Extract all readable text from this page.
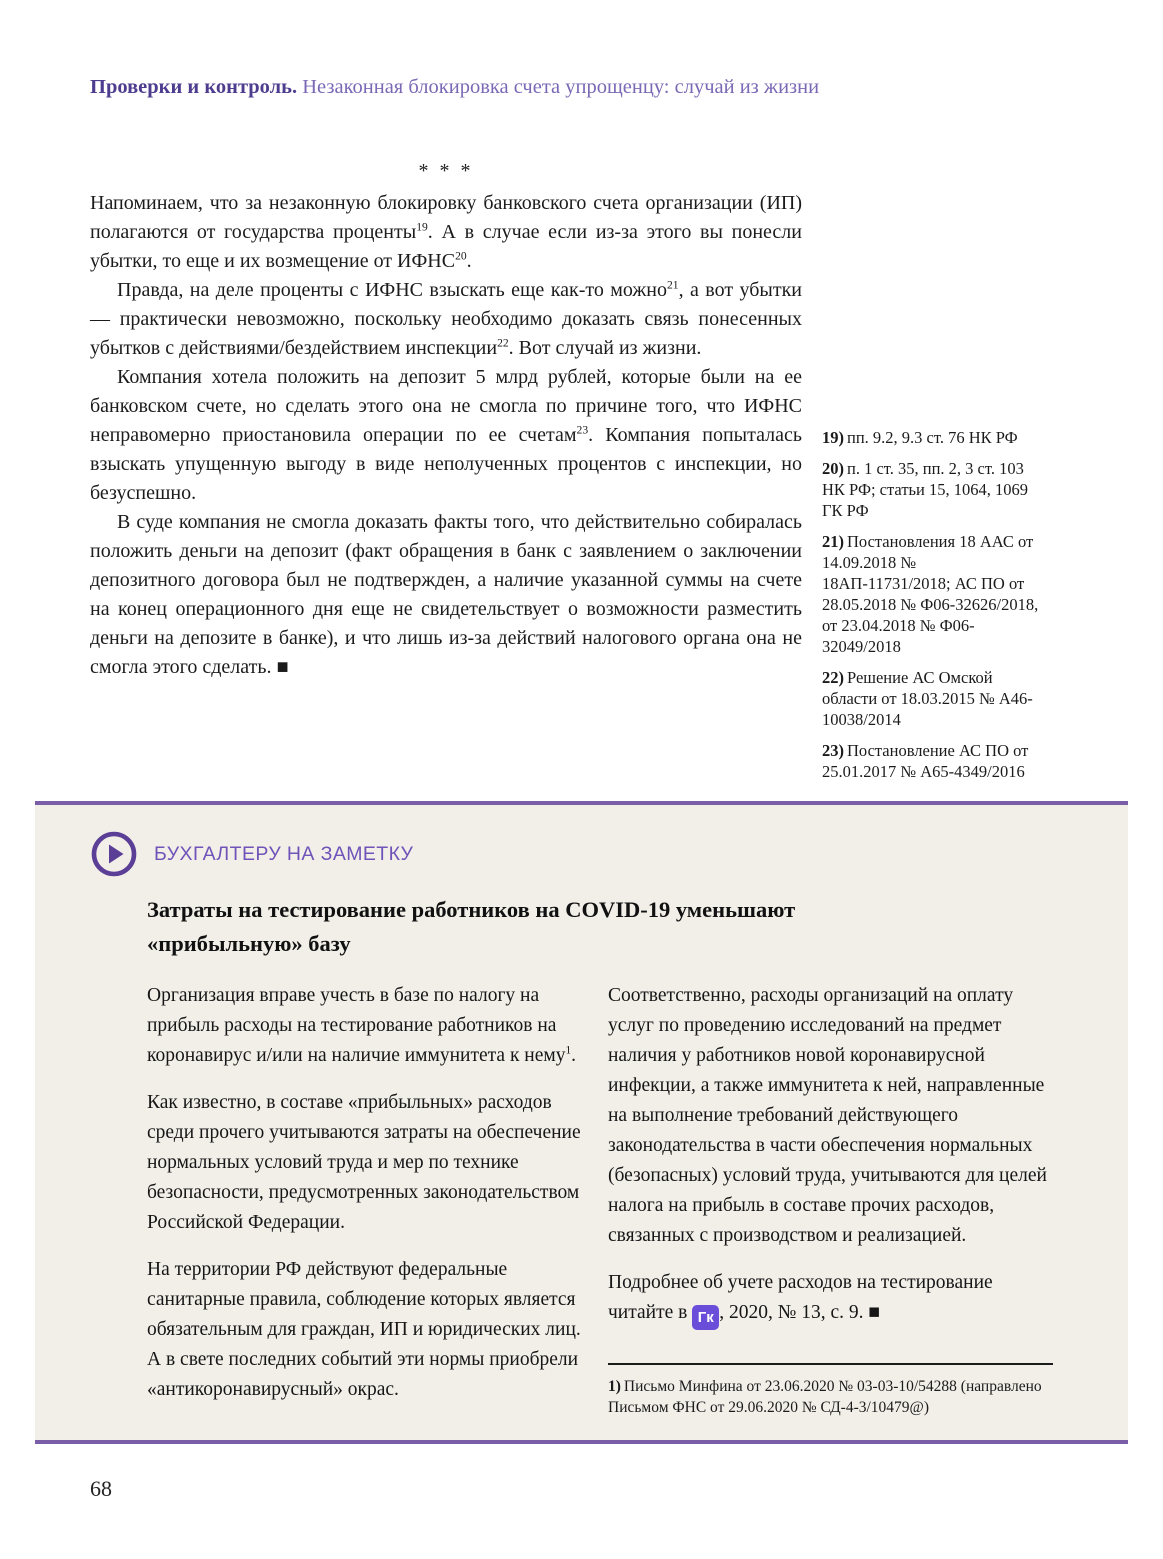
Проверки и контроль. Незаконная блокировка счета упрощенцу: случай из жизни

* * *

Напоминаем, что за незаконную блокировку банковского счета организации (ИП) полагаются от государства проценты$^{19}$. А в случае если из-за этого вы понесли убытки, то еще и их возмещение от ИФНС$^{20}$.

Правда, на деле проценты с ИФНС взыскать еще как-то можно$^{21}$, а вот убытки — практически невозможно, поскольку необходимо доказать связь понесенных убытков с действиями/бездействием инспекции$^{22}$. Вот случай из жизни.

Компания хотела положить на депозит 5 млрд рублей, которые были на ее банковском счете, но сделать этого она не смогла по причине того, что ИФНС неправомерно приостановила операции по ее счетам$^{23}$. Компания попыталась взыскать упущенную выгоду в виде неполученных процентов с инспекции, но безуспешно.

В суде компания не смогла доказать факты того, что действительно собиралась положить деньги на депозит (факт обращения в банк с заявлением о заключении депозитного договора был не подтвержден, а наличие указанной суммы на счете на конец операционного дня еще не свидетельствует о возможности разместить деньги на депозите в банке), и что лишь из-за действий налогового органа она не смогла этого сделать. ■

19) пп. 9.2, 9.3 ст. 76 НК РФ
20) п. 1 ст. 35, пп. 2, 3 ст. 103 НК РФ; статьи 15, 1064, 1069 ГК РФ
21) Постановления 18 ААС от 14.09.2018 № 18АП-11731/2018; АС ПО от 28.05.2018 № Ф06-32626/2018, от 23.04.2018 № Ф06-32049/2018
22) Решение АС Омской области от 18.03.2015 № А46-10038/2014
23) Постановление АС ПО от 25.01.2017 № А65-4349/2016
БУХГАЛТЕРУ НА ЗАМЕТКУ
Затраты на тестирование работников на COVID-19 уменьшают «прибыльную» базу

Организация вправе учесть в базе по налогу на прибыль расходы на тестирование работников на коронавирус и/или на наличие иммунитета к нему$^1$.

Как известно, в составе «прибыльных» расходов среди прочего учитываются затраты на обеспечение нормальных условий труда и мер по технике безопасности, предусмотренных законодательством Российской Федерации.

На территории РФ действуют федеральные санитарные правила, соблюдение которых является обязательным для граждан, ИП и юридических лиц. А в свете последних событий эти нормы приобрели «антикоронавирусный» окрас.

Соответственно, расходы организаций на оплату услуг по проведению исследований на предмет наличия у работников новой коронавирусной инфекции, а также иммунитета к ней, направленные на выполнение требований действующего законодательства в части обеспечения нормальных (безопасных) условий труда, учитываются для целей налога на прибыль в составе прочих расходов, связанных с производством и реализацией.

Подробнее об учете расходов на тестирование читайте в Гк , 2020, № 13, с. 9. ■

1) Письмо Минфина от 23.06.2020 № 03-03-10/54288 (направлено Письмом ФНС от 29.06.2020 № СД-4-3/10479@)
68
